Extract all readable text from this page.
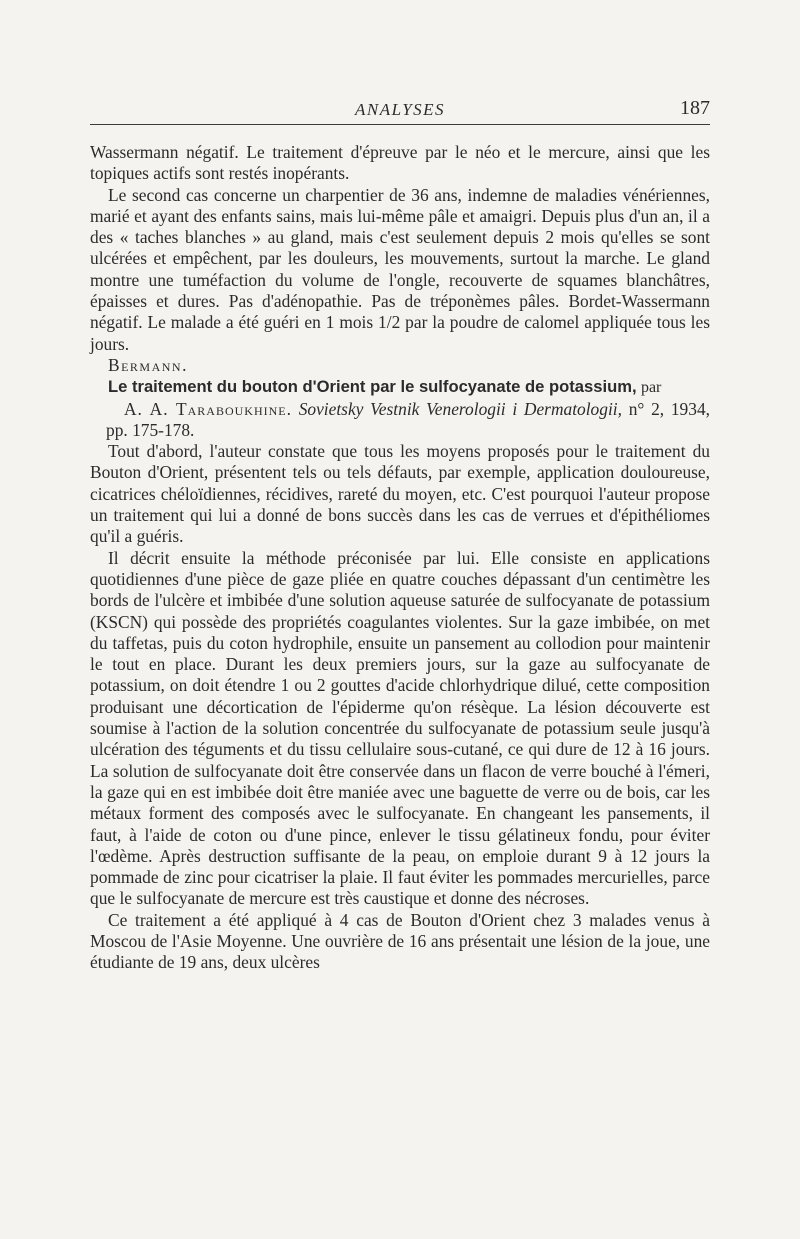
ANALYSES	187

Wassermann négatif. Le traitement d'épreuve par le néo et le mercure, ainsi que les topiques actifs sont restés inopérants.

Le second cas concerne un charpentier de 36 ans, indemne de maladies vénériennes, marié et ayant des enfants sains, mais lui-même pâle et amaigri. Depuis plus d'un an, il a des « taches blanches » au gland, mais c'est seulement depuis 2 mois qu'elles se sont ulcérées et empêchent, par les douleurs, les mouvements, surtout la marche. Le gland montre une tuméfaction du volume de l'ongle, recouverte de squames blanchâtres, épaisses et dures. Pas d'adénopathie. Pas de tréponèmes pâles. Bordet-Wassermann négatif. Le malade a été guéri en 1 mois 1/2 par la poudre de calomel appliquée tous les jours.

Bermann.

Le traitement du bouton d'Orient par le sulfocyanate de potassium, par

A. A. Taraboukhine. Sovietsky Vestnik Venerologii i Dermatologii, n° 2, 1934, pp. 175-178.

Tout d'abord, l'auteur constate que tous les moyens proposés pour le traitement du Bouton d'Orient, présentent tels ou tels défauts, par exemple, application douloureuse, cicatrices chéloïdiennes, récidives, rareté du moyen, etc. C'est pourquoi l'auteur propose un traitement qui lui a donné de bons succès dans les cas de verrues et d'épithéliomes qu'il a guéris.

Il décrit ensuite la méthode préconisée par lui. Elle consiste en applications quotidiennes d'une pièce de gaze pliée en quatre couches dépassant d'un centimètre les bords de l'ulcère et imbibée d'une solution aqueuse saturée de sulfocyanate de potassium (KSCN) qui possède des propriétés coagulantes violentes. Sur la gaze imbibée, on met du taffetas, puis du coton hydrophile, ensuite un pansement au collodion pour maintenir le tout en place. Durant les deux premiers jours, sur la gaze au sulfocyanate de potassium, on doit étendre 1 ou 2 gouttes d'acide chlorhydrique dilué, cette composition produisant une décortication de l'épiderme qu'on résèque. La lésion découverte est soumise à l'action de la solution concentrée du sulfocyanate de potassium seule jusqu'à ulcération des téguments et du tissu cellulaire sous-cutané, ce qui dure de 12 à 16 jours. La solution de sulfocyanate doit être conservée dans un flacon de verre bouché à l'émeri, la gaze qui en est imbibée doit être maniée avec une baguette de verre ou de bois, car les métaux forment des composés avec le sulfocyanate. En changeant les pansements, il faut, à l'aide de coton ou d'une pince, enlever le tissu gélatineux fondu, pour éviter l'œdème. Après destruction suffisante de la peau, on emploie durant 9 à 12 jours la pommade de zinc pour cicatriser la plaie. Il faut éviter les pommades mercurielles, parce que le sulfocyanate de mercure est très caustique et donne des nécroses.

Ce traitement a été appliqué à 4 cas de Bouton d'Orient chez 3 malades venus à Moscou de l'Asie Moyenne. Une ouvrière de 16 ans présentait une lésion de la joue, une étudiante de 19 ans, deux ulcères
